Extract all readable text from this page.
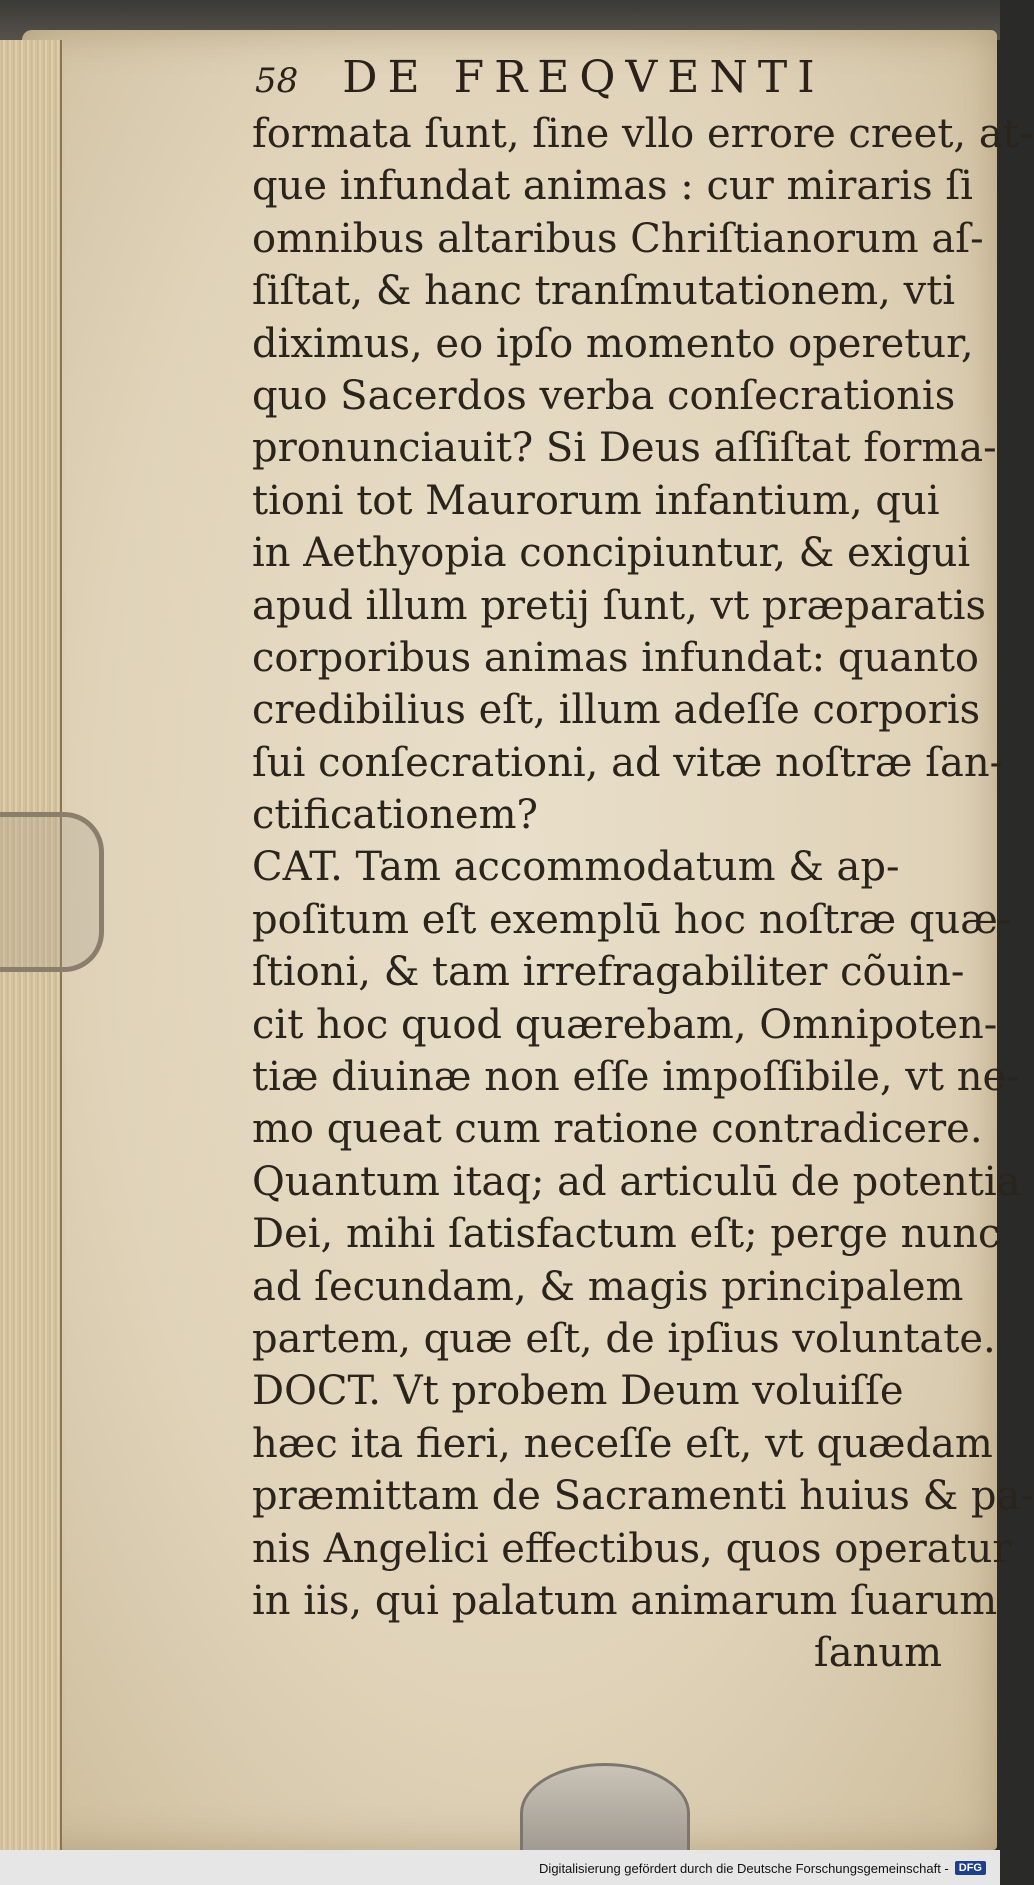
58 DE FREQVENTI
formata ſunt, ſine vllo errore creet, at-
que infundat animas : cur miraris ſi
omnibus altaribus Chriſtianorum aſ-
ſiſtat, & hanc tranſmutationem, vti
diximus, eo ipſo momento operetur,
quo Sacerdos verba conſecrationis
pronunciauit? Si Deus aſſiſtat forma-
tioni tot Maurorum infantium, qui
in Aethyopia concipiuntur, & exigui
apud illum pretij ſunt, vt præparatis
corporibus animas infundat: quanto
credibilius eſt, illum adeſſe corporis
ſui conſecrationi, ad vitæ noſtræ ſan-
ctificationem?
CAT. Tam accommodatum & ap-
poſitum eſt exemplū hoc noſtræ quæ-
ſtioni, & tam irrefragabiliter cõuin-
cit hoc quod quærebam, Omnipoten-
tiæ diuinæ non eſſe impoſſibile, vt ne-
mo queat cum ratione contradicere.
Quantum itaq; ad articulū de potentia
Dei, mihi ſatisfactum eſt; perge nunc
ad ſecundam, & magis principalem
partem, quæ eſt, de ipſius voluntate.
DOCT. Vt probem Deum voluiſſe
hæc ita fieri, neceſſe eſt, vt quædam
præmittam de Sacramenti huius & pa-
nis Angelici effectibus, quos operatur
in iis, qui palatum animarum ſuarum
ſanum
Digitalisierung gefördert durch die Deutsche Forschungsgemeinschaft - DFG
